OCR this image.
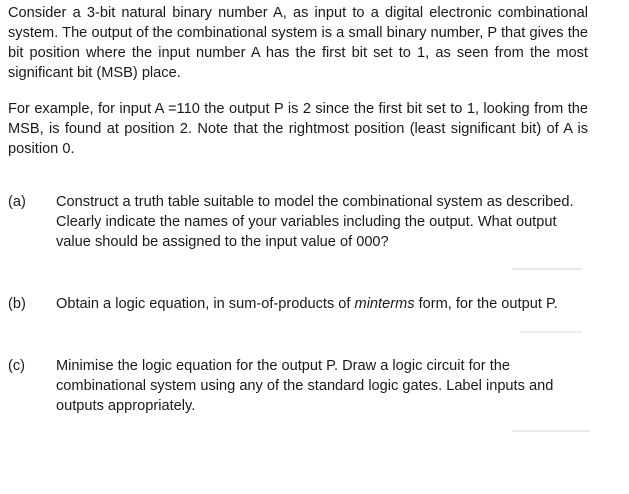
Consider a 3-bit natural binary number A, as input to a digital electronic combinational system. The output of the combinational system is a small binary number, P that gives the bit position where the input number A has the first bit set to 1, as seen from the most significant bit (MSB) place.

For example, for input A =110 the output P is 2 since the first bit set to 1, looking from the MSB, is found at position 2. Note that the rightmost position (least significant bit) of A is position 0.

(a)	Construct a truth table suitable to model the combinational system as described. Clearly indicate the names of your variables including the output. What output value should be assigned to the input value of 000?
(b)	Obtain a logic equation, in sum-of-products of minterms form, for the output P.
(c)	Minimise the logic equation for the output P. Draw a logic circuit for the combinational system using any of the standard logic gates. Label inputs and outputs appropriately.
